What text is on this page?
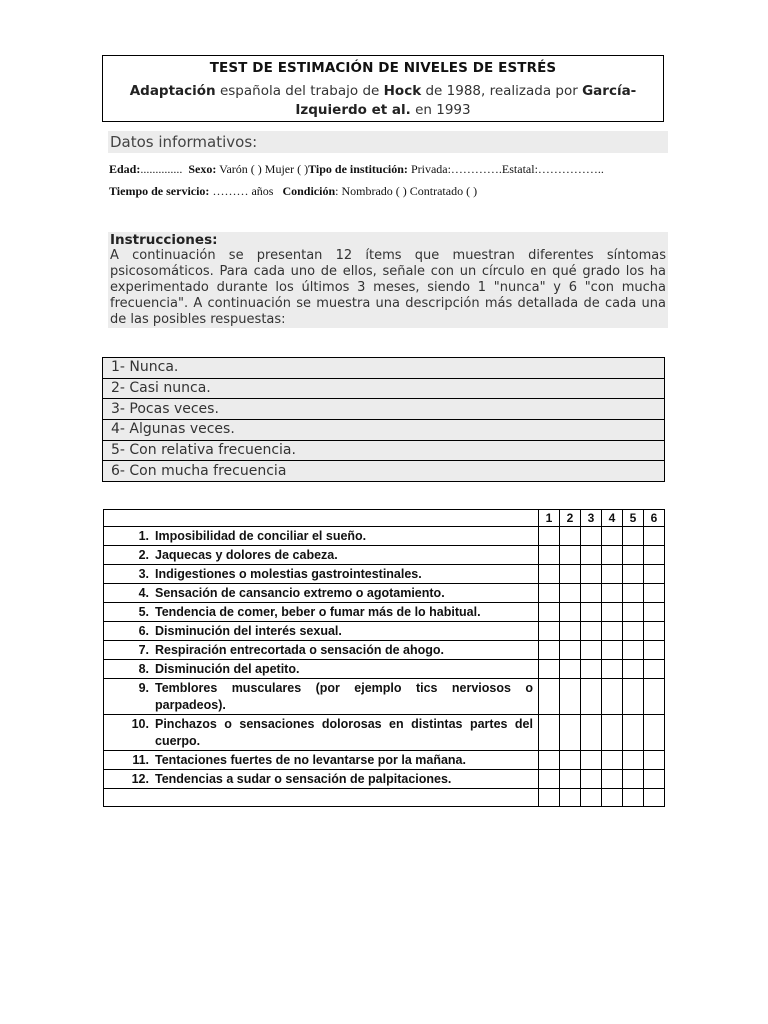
TEST DE ESTIMACIÓN DE NIVELES DE ESTRÉS
Adaptación española del trabajo de Hock de 1988, realizada por García-Izquierdo et al. en 1993
Datos informativos:
Edad:.............. Sexo: Varón ( ) Mujer ( )Tipo de institución: Privada:………….Estatal:……………..
Tiempo de servicio: ……… años Condición: Nombrado ( ) Contratado ( )
Instrucciones:
A continuación se presentan 12 ítems que muestran diferentes síntomas psicosomáticos. Para cada uno de ellos, señale con un círculo en qué grado los ha experimentado durante los últimos 3 meses, siendo 1 "nunca" y 6 "con mucha frecuencia". A continuación se muestra una descripción más detallada de cada una de las posibles respuestas:
1- Nunca.
2- Casi nunca.
3- Pocas veces.
4- Algunas veces.
5- Con relativa frecuencia.
6- Con mucha frecuencia
	1	2	3	4	5	6

1. Imposibilidad de conciliar el sueño.						

2. Jaquecas y dolores de cabeza.						

3. Indigestiones o molestias gastrointestinales.						

4. Sensación de cansancio extremo o agotamiento.						

5. Tendencia de comer, beber o fumar más de lo habitual.						

6. Disminución del interés sexual.						

7. Respiración entrecortada o sensación de ahogo.						

8. Disminución del apetito.						

9. Temblores musculares (por ejemplo tics nerviosos o parpadeos).						

10. Pinchazos o sensaciones dolorosas en distintas partes del cuerpo.						

11. Tentaciones fuertes de no levantarse por la mañana.						

12. Tendencias a sudar o sensación de palpitaciones.						
